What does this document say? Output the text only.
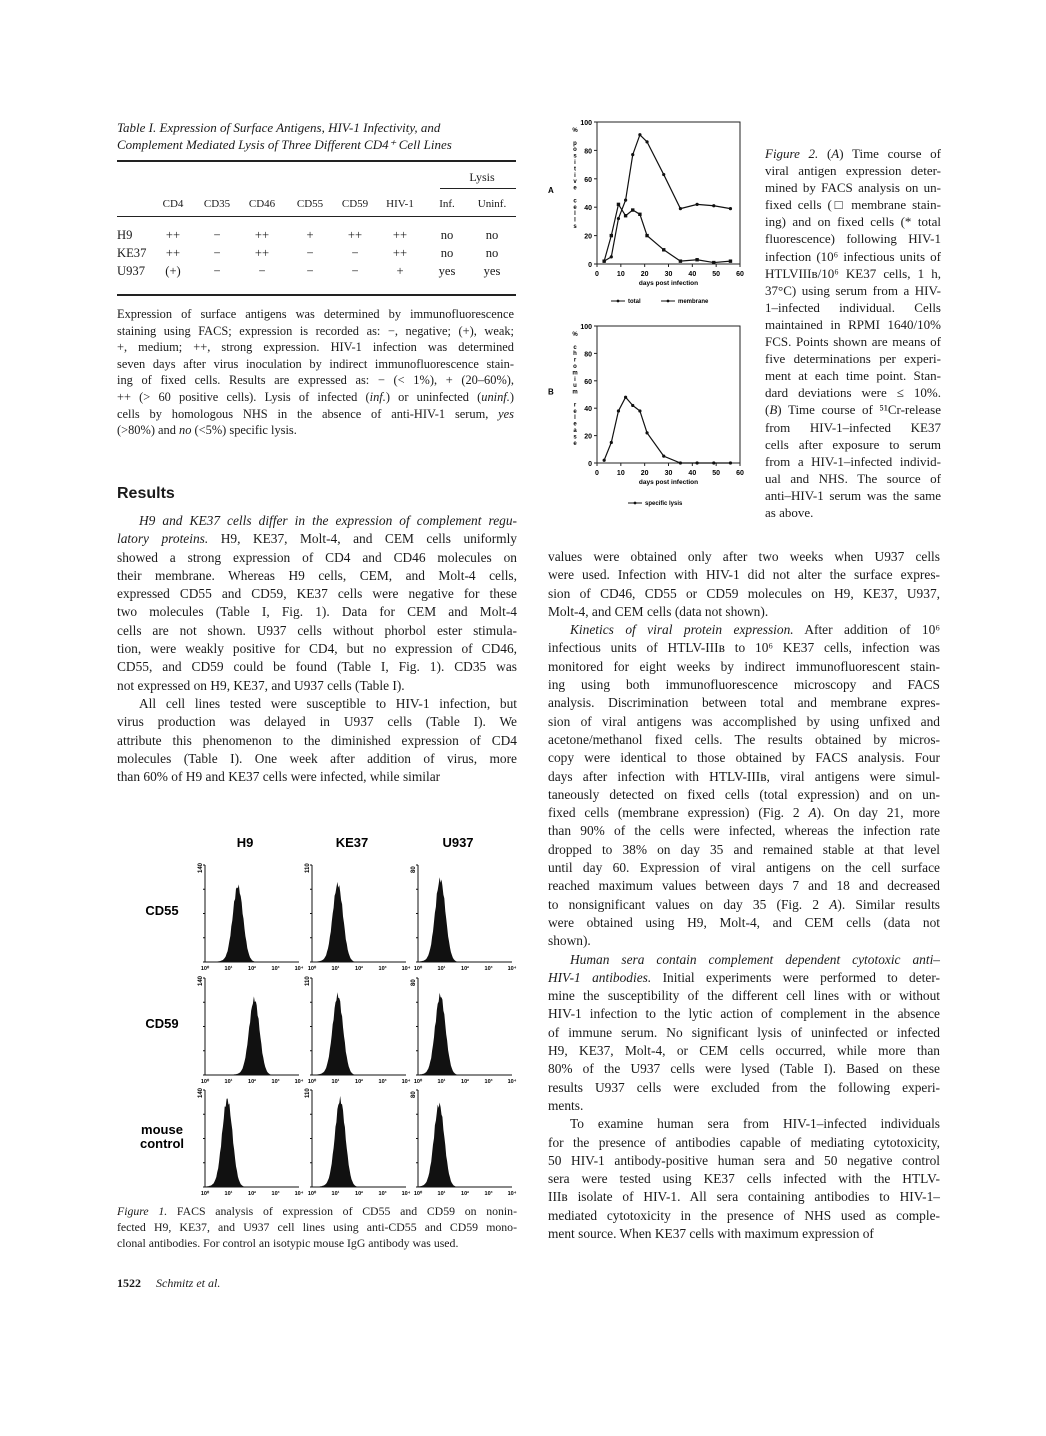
Table I. Expression of Surface Antigens, HIV-1 Infectivity, and
Complement Mediated Lysis of Three Different CD4⁺ Cell Lines
Lysis
CD4	CD35	CD46	CD55	CD59	HIV-1	Inf.	Uninf.
H9	++	−	++	+	++	++	no	no
KE37	++	−	++	−	−	++	no	no
U937	(+)	−	−	−	−	+	yes	yes
Expression of surface antigens was determined by immunofluorescence
staining using FACS; expression is recorded as: −, negative; (+), weak;
+, medium; ++, strong expression. HIV-1 infection was determined
seven days after virus inoculation by indirect immunofluorescence stain-
ing of fixed cells. Results are expressed as: − (< 1%), + (20–60%),
++ (> 60 positive cells). Lysis of infected (inf.) or uninfected (uninf.)
cells by homologous NHS in the absence of anti-HIV-1 serum, yes
(>80%) and no (<5%) specific lysis.
Results
H9 and KE37 cells differ in the expression of complement regu-
latory proteins. H9, KE37, Molt-4, and CEM cells uniformly
showed a strong expression of CD4 and CD46 molecules on
their membrane. Whereas H9 cells, CEM, and Molt-4 cells,
expressed CD55 and CD59, KE37 cells were negative for these
two molecules (Table I, Fig. 1). Data for CEM and Molt-4
cells are not shown. U937 cells without phorbol ester stimula-
tion, were weakly positive for CD4, but no expression of CD46,
CD55, and CD59 could be found (Table I, Fig. 1). CD35 was
not expressed on H9, KE37, and U937 cells (Table I).
All cell lines tested were susceptible to HIV-1 infection, but
virus production was delayed in U937 cells (Table I). We
attribute this phenomenon to the diminished expression of CD4
molecules (Table I). One week after addition of virus, more
than 60% of H9 and KE37 cells were infected, while similar
H9	KE37	U937
CD55
140
10⁰	10¹	10²	10³	10⁴
110
10⁰	10¹	10²	10³	10⁴
80
10⁰	10¹	10²	10³	10⁴
CD59
140
10⁰	10¹	10²	10³	10⁴
110
10⁰	10¹	10²	10³	10⁴
80
10⁰	10¹	10²	10³	10⁴
mouse control
140
10⁰	10¹	10²	10³	10⁴
110
10⁰	10¹	10²	10³	10⁴
80
10⁰	10¹	10²	10³	10⁴
Figure 1. FACS analysis of expression of CD55 and CD59 on nonin-
fected H9, KE37, and U937 cell lines using anti-CD55 and CD59 mono-
clonal antibodies. For control an isotypic mouse IgG antibody was used.
1522 Schmitz et al.
0
20
40
60
80
100
0	10 20 30 40 50 60
days post infection
% p o s i t i v e c e l l s
A
total	membrane
0
20
40
60
80
100
0	10 20 30 40 50 60
days post infection
% c h r o m i u m r e l e a s e
B
specific lysis
Figure 2. (A) Time course of
viral antigen expression deter-
mined by FACS analysis on un-
fixed cells (□ membrane stain-
ing) and on fixed cells (* total
fluorescence) following HIV-1
infection (10⁶ infectious units of
HTLVIIIʙ/10⁶ KE37 cells, 1 h,
37°C) using serum from a HIV-
1–infected individual. Cells
maintained in RPMI 1640/10%
FCS. Points shown are means of
five determinations per experi-
ment at each time point. Stan-
dard deviations were ≤ 10%.
(B) Time course of ⁵¹Cr-release
from HIV-1–infected KE37
cells after exposure to serum
from a HIV-1–infected individ-
ual and NHS. The source of
anti–HIV-1 serum was the same
as above.
values were obtained only after two weeks when U937 cells
were used. Infection with HIV-1 did not alter the surface expres-
sion of CD46, CD55 or CD59 molecules on H9, KE37, U937,
Molt-4, and CEM cells (data not shown).
Kinetics of viral protein expression. After addition of 10⁶
infectious units of HTLV-IIIʙ to 10⁶ KE37 cells, infection was
monitored for eight weeks by indirect immunofluorescent stain-
ing using both immunofluorescence microscopy and FACS
analysis. Discrimination between total and membrane expres-
sion of viral antigens was accomplished by using unfixed and
acetone/methanol fixed cells. The results obtained by micros-
copy were identical to those obtained by FACS analysis. Four
days after infection with HTLV-IIIʙ, viral antigens were simul-
taneously detected on fixed cells (total expression) and on un-
fixed cells (membrane expression) (Fig. 2 A). On day 21, more
than 90% of the cells were infected, whereas the infection rate
dropped to 38% on day 35 and remained stable at that level
until day 60. Expression of viral antigens on the cell surface
reached maximum values between days 7 and 18 and decreased
to nonsignificant values on day 35 (Fig. 2 A). Similar results
were obtained using H9, Molt-4, and CEM cells (data not
shown).
Human sera contain complement dependent cytotoxic anti–
HIV-1 antibodies. Initial experiments were performed to deter-
mine the susceptibility of the different cell lines with or without
HIV-1 infection to the lytic action of complement in the absence
of immune serum. No significant lysis of uninfected or infected
H9, KE37, Molt-4, or CEM cells occurred, while more than
80% of the U937 cells were lysed (Table I). Based on these
results U937 cells were excluded from the following experi-
ments.
To examine human sera from HIV-1–infected individuals
for the presence of antibodies capable of mediating cytotoxicity,
50 HIV-1 antibody-positive human sera and 50 negative control
sera were tested using KE37 cells infected with the HTLV-
IIIʙ isolate of HIV-1. All sera containing antibodies to HIV-1–
mediated cytotoxicity in the presence of NHS used as comple-
ment source. When KE37 cells with maximum expression of
